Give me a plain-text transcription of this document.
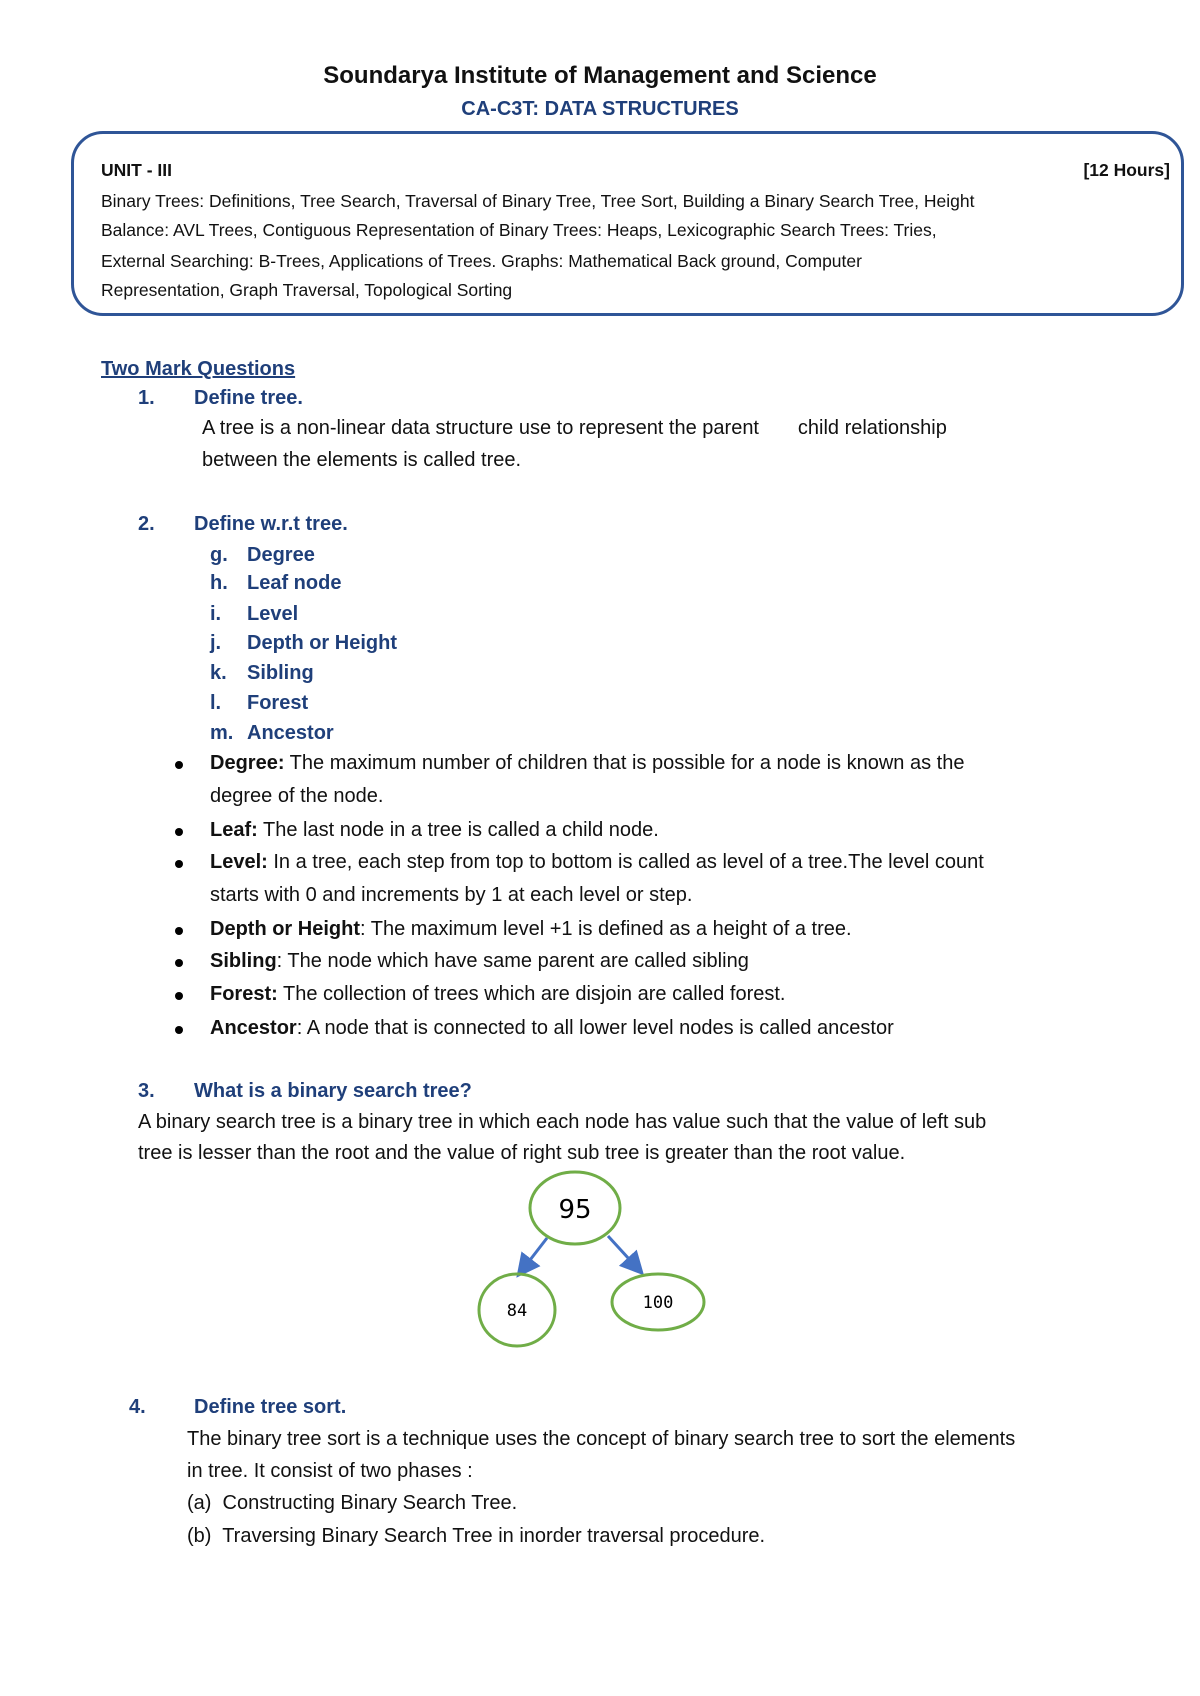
Soundarya Institute of Management and Science
CA-C3T: DATA STRUCTURES
UNIT - III	[12 Hours]
Binary Trees: Definitions, Tree Search, Traversal of Binary Tree, Tree Sort, Building a Binary Search Tree, Height
Balance: AVL Trees, Contiguous Representation of Binary Trees: Heaps, Lexicographic Search Trees: Tries,
External Searching: B-Trees, Applications of Trees. Graphs: Mathematical Back ground, Computer
Representation, Graph Traversal, Topological Sorting
Two Mark Questions
1. Define tree.
A tree is a non-linear data structure use to represent the parent       child relationship
between the elements is called tree.
2. Define w.r.t tree.
g. Degree
h. Leaf node
i. Level
j. Depth or Height
k. Sibling
l. Forest
m. Ancestor
Degree: The maximum number of children that is possible for a node is known as the
degree of the node.
Leaf: The last node in a tree is called a child node.
Level: In a tree, each step from top to bottom is called as level of a tree.The level count
starts with 0 and increments by 1 at each level or step.
Depth or Height: The maximum level +1 is defined as a height of a tree.
Sibling: The node which have same parent are called sibling
Forest: The collection of trees which are disjoin are called forest.
Ancestor: A node that is connected to all lower level nodes is called ancestor
3. What is a binary search tree?
A binary search tree is a binary tree in which each node has value such that the value of left sub
tree is lesser than the root and the value of right sub tree is greater than the root value.
95
84	100
4. Define tree sort.
The binary tree sort is a technique uses the concept of binary search tree to sort the elements
in tree. It consist of two phases :
(a)  Constructing Binary Search Tree.
(b)  Traversing Binary Search Tree in inorder traversal procedure.
